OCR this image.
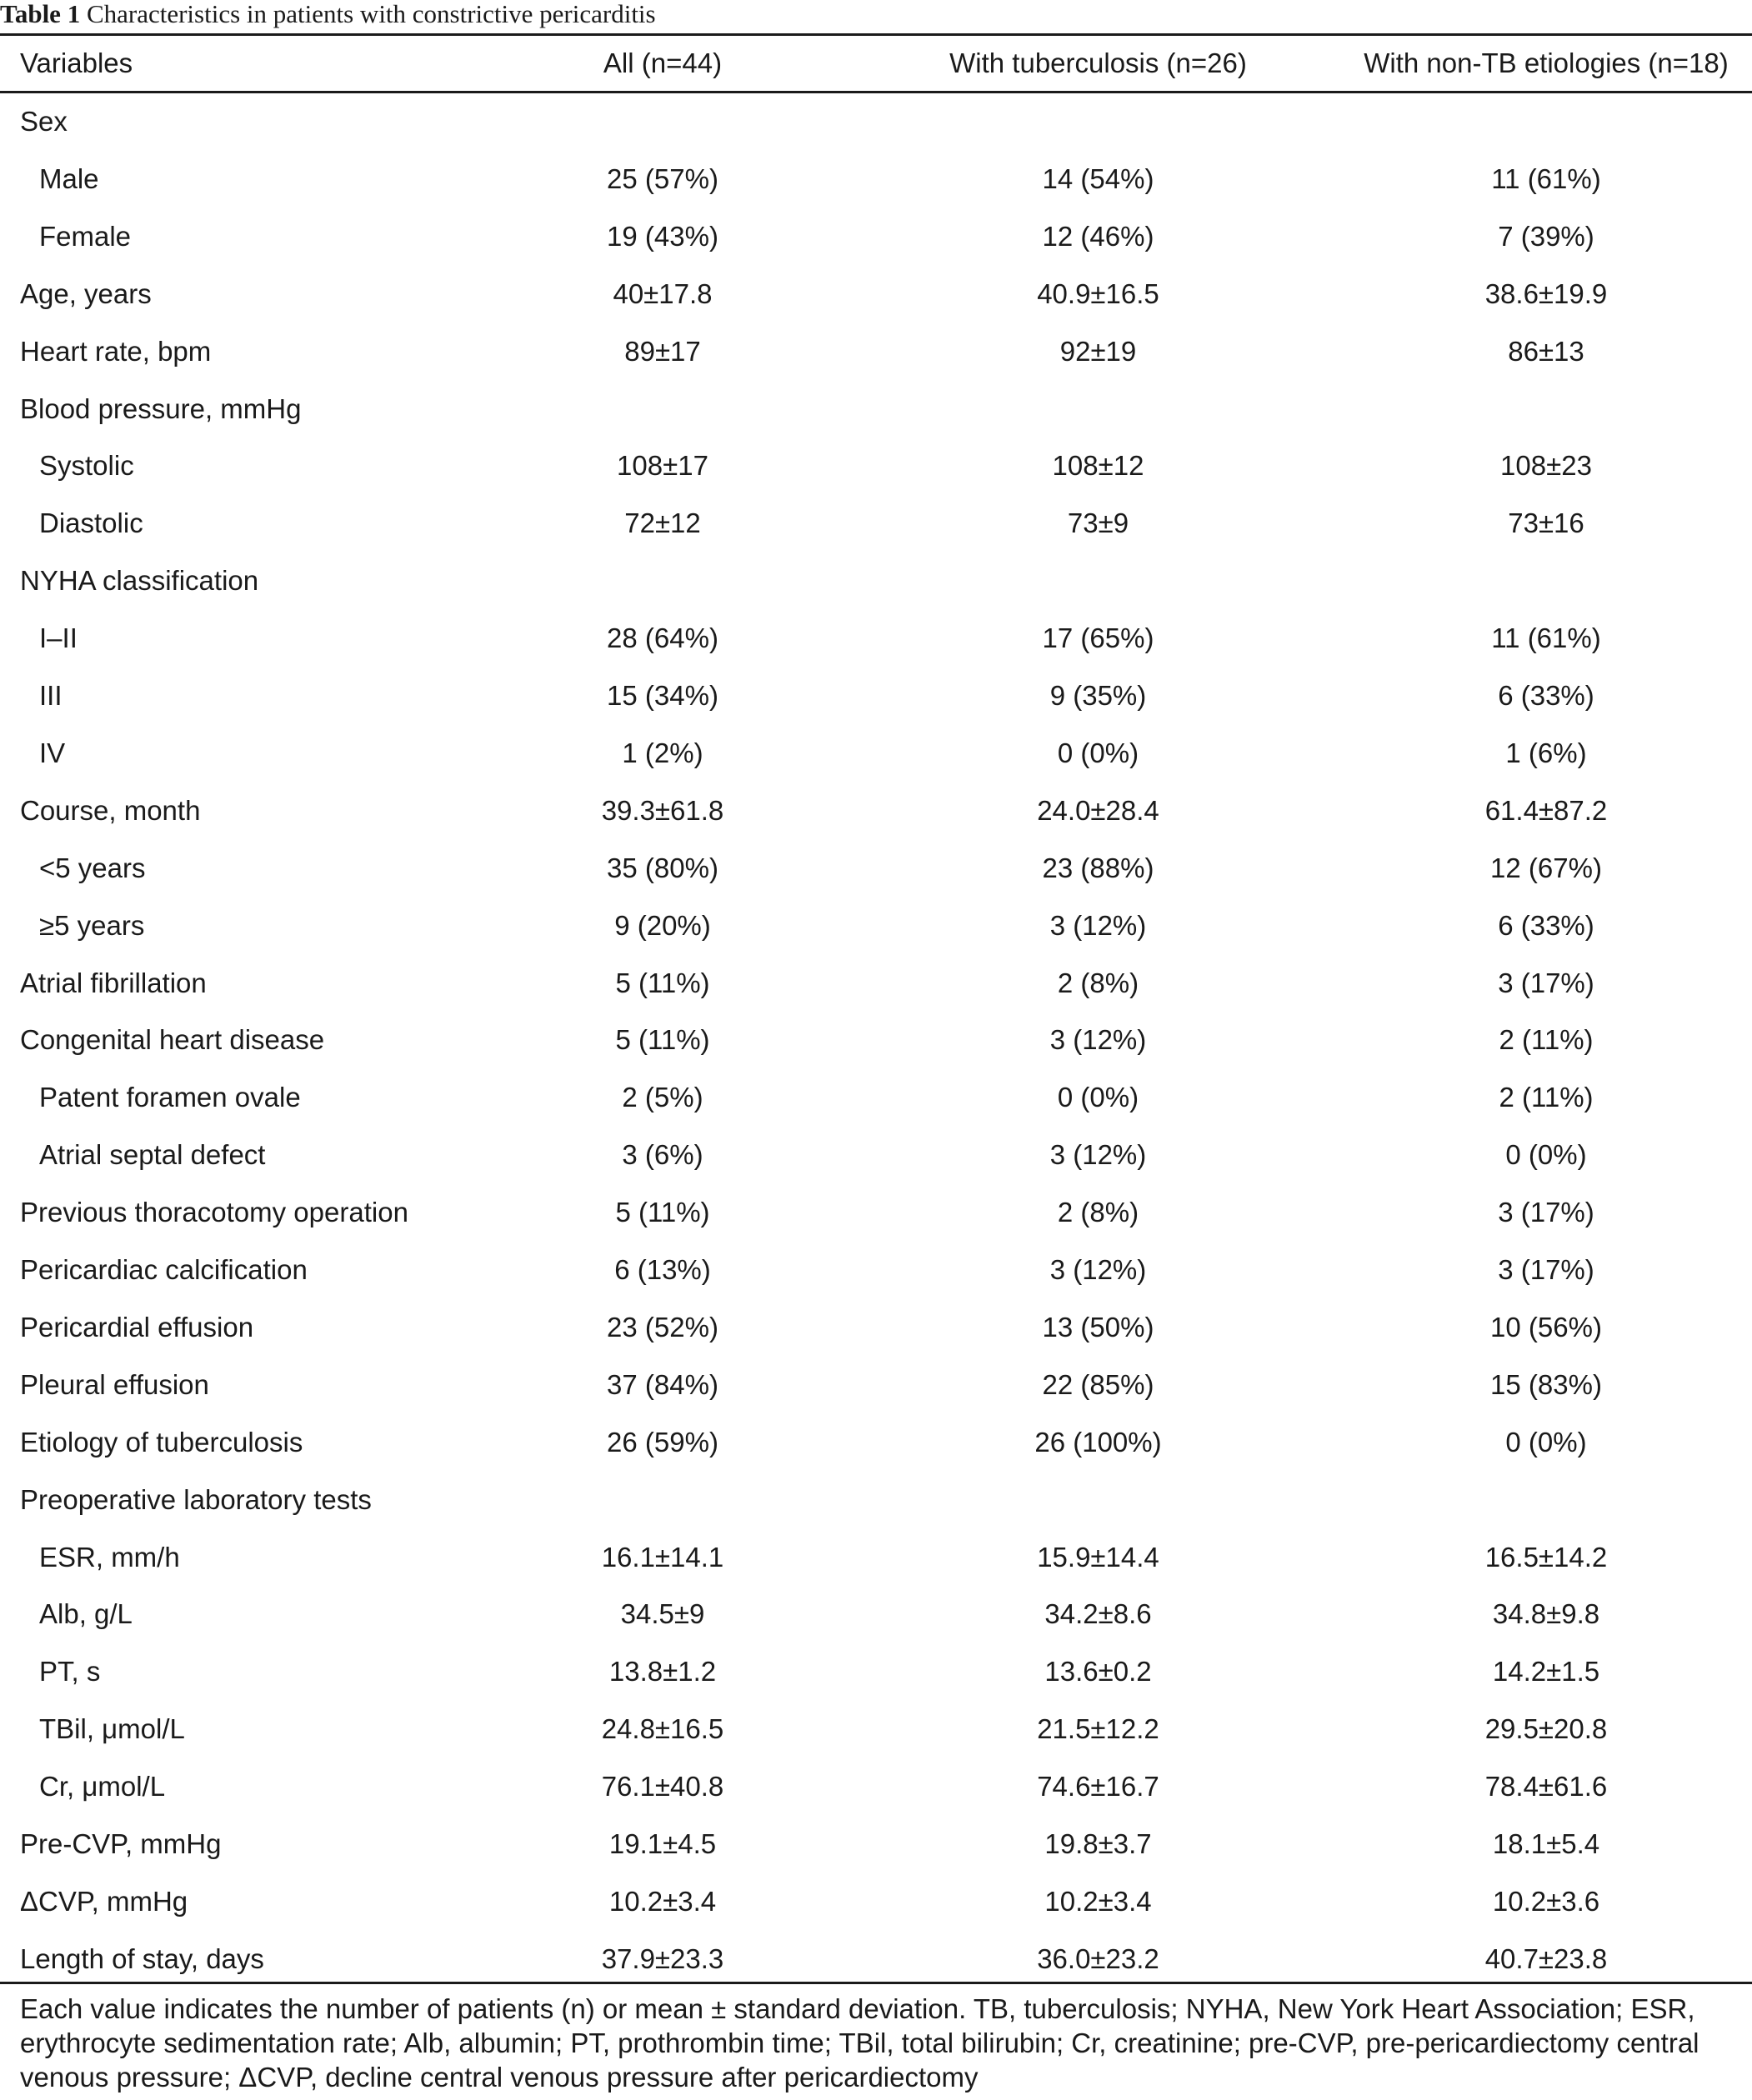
Table 1 Characteristics in patients with constrictive pericarditis
Variables	All (n=44)	With tuberculosis (n=26)	With non-TB etiologies (n=18)
Sex
Male	25 (57%)	14 (54%)	11 (61%)
Female	19 (43%)	12 (46%)	7 (39%)
Age, years	40±17.8	40.9±16.5	38.6±19.9
Heart rate, bpm	89±17	92±19	86±13
Blood pressure, mmHg
Systolic	108±17	108±12	108±23
Diastolic	72±12	73±9	73±16
NYHA classification
I–II	28 (64%)	17 (65%)	11 (61%)
III	15 (34%)	9 (35%)	6 (33%)
IV	1 (2%)	0 (0%)	1 (6%)
Course, month	39.3±61.8	24.0±28.4	61.4±87.2
<5 years	35 (80%)	23 (88%)	12 (67%)
≥5 years	9 (20%)	3 (12%)	6 (33%)
Atrial fibrillation	5 (11%)	2 (8%)	3 (17%)
Congenital heart disease	5 (11%)	3 (12%)	2 (11%)
Patent foramen ovale	2 (5%)	0 (0%)	2 (11%)
Atrial septal defect	3 (6%)	3 (12%)	0 (0%)
Previous thoracotomy operation	5 (11%)	2 (8%)	3 (17%)
Pericardiac calcification	6 (13%)	3 (12%)	3 (17%)
Pericardial effusion	23 (52%)	13 (50%)	10 (56%)
Pleural effusion	37 (84%)	22 (85%)	15 (83%)
Etiology of tuberculosis	26 (59%)	26 (100%)	0 (0%)
Preoperative laboratory tests
ESR, mm/h	16.1±14.1	15.9±14.4	16.5±14.2
Alb, g/L	34.5±9	34.2±8.6	34.8±9.8
PT, s	13.8±1.2	13.6±0.2	14.2±1.5
TBil, μmol/L	24.8±16.5	21.5±12.2	29.5±20.8
Cr, μmol/L	76.1±40.8	74.6±16.7	78.4±61.6
Pre-CVP, mmHg	19.1±4.5	19.8±3.7	18.1±5.4
ΔCVP, mmHg	10.2±3.4	10.2±3.4	10.2±3.6
Length of stay, days	37.9±23.3	36.0±23.2	40.7±23.8
Each value indicates the number of patients (n) or mean ± standard deviation. TB, tuberculosis; NYHA, New York Heart Association; ESR, erythrocyte sedimentation rate; Alb, albumin; PT, prothrombin time; TBil, total bilirubin; Cr, creatinine; pre-CVP, pre-pericardiectomy central venous pressure; ΔCVP, decline central venous pressure after pericardiectomy
